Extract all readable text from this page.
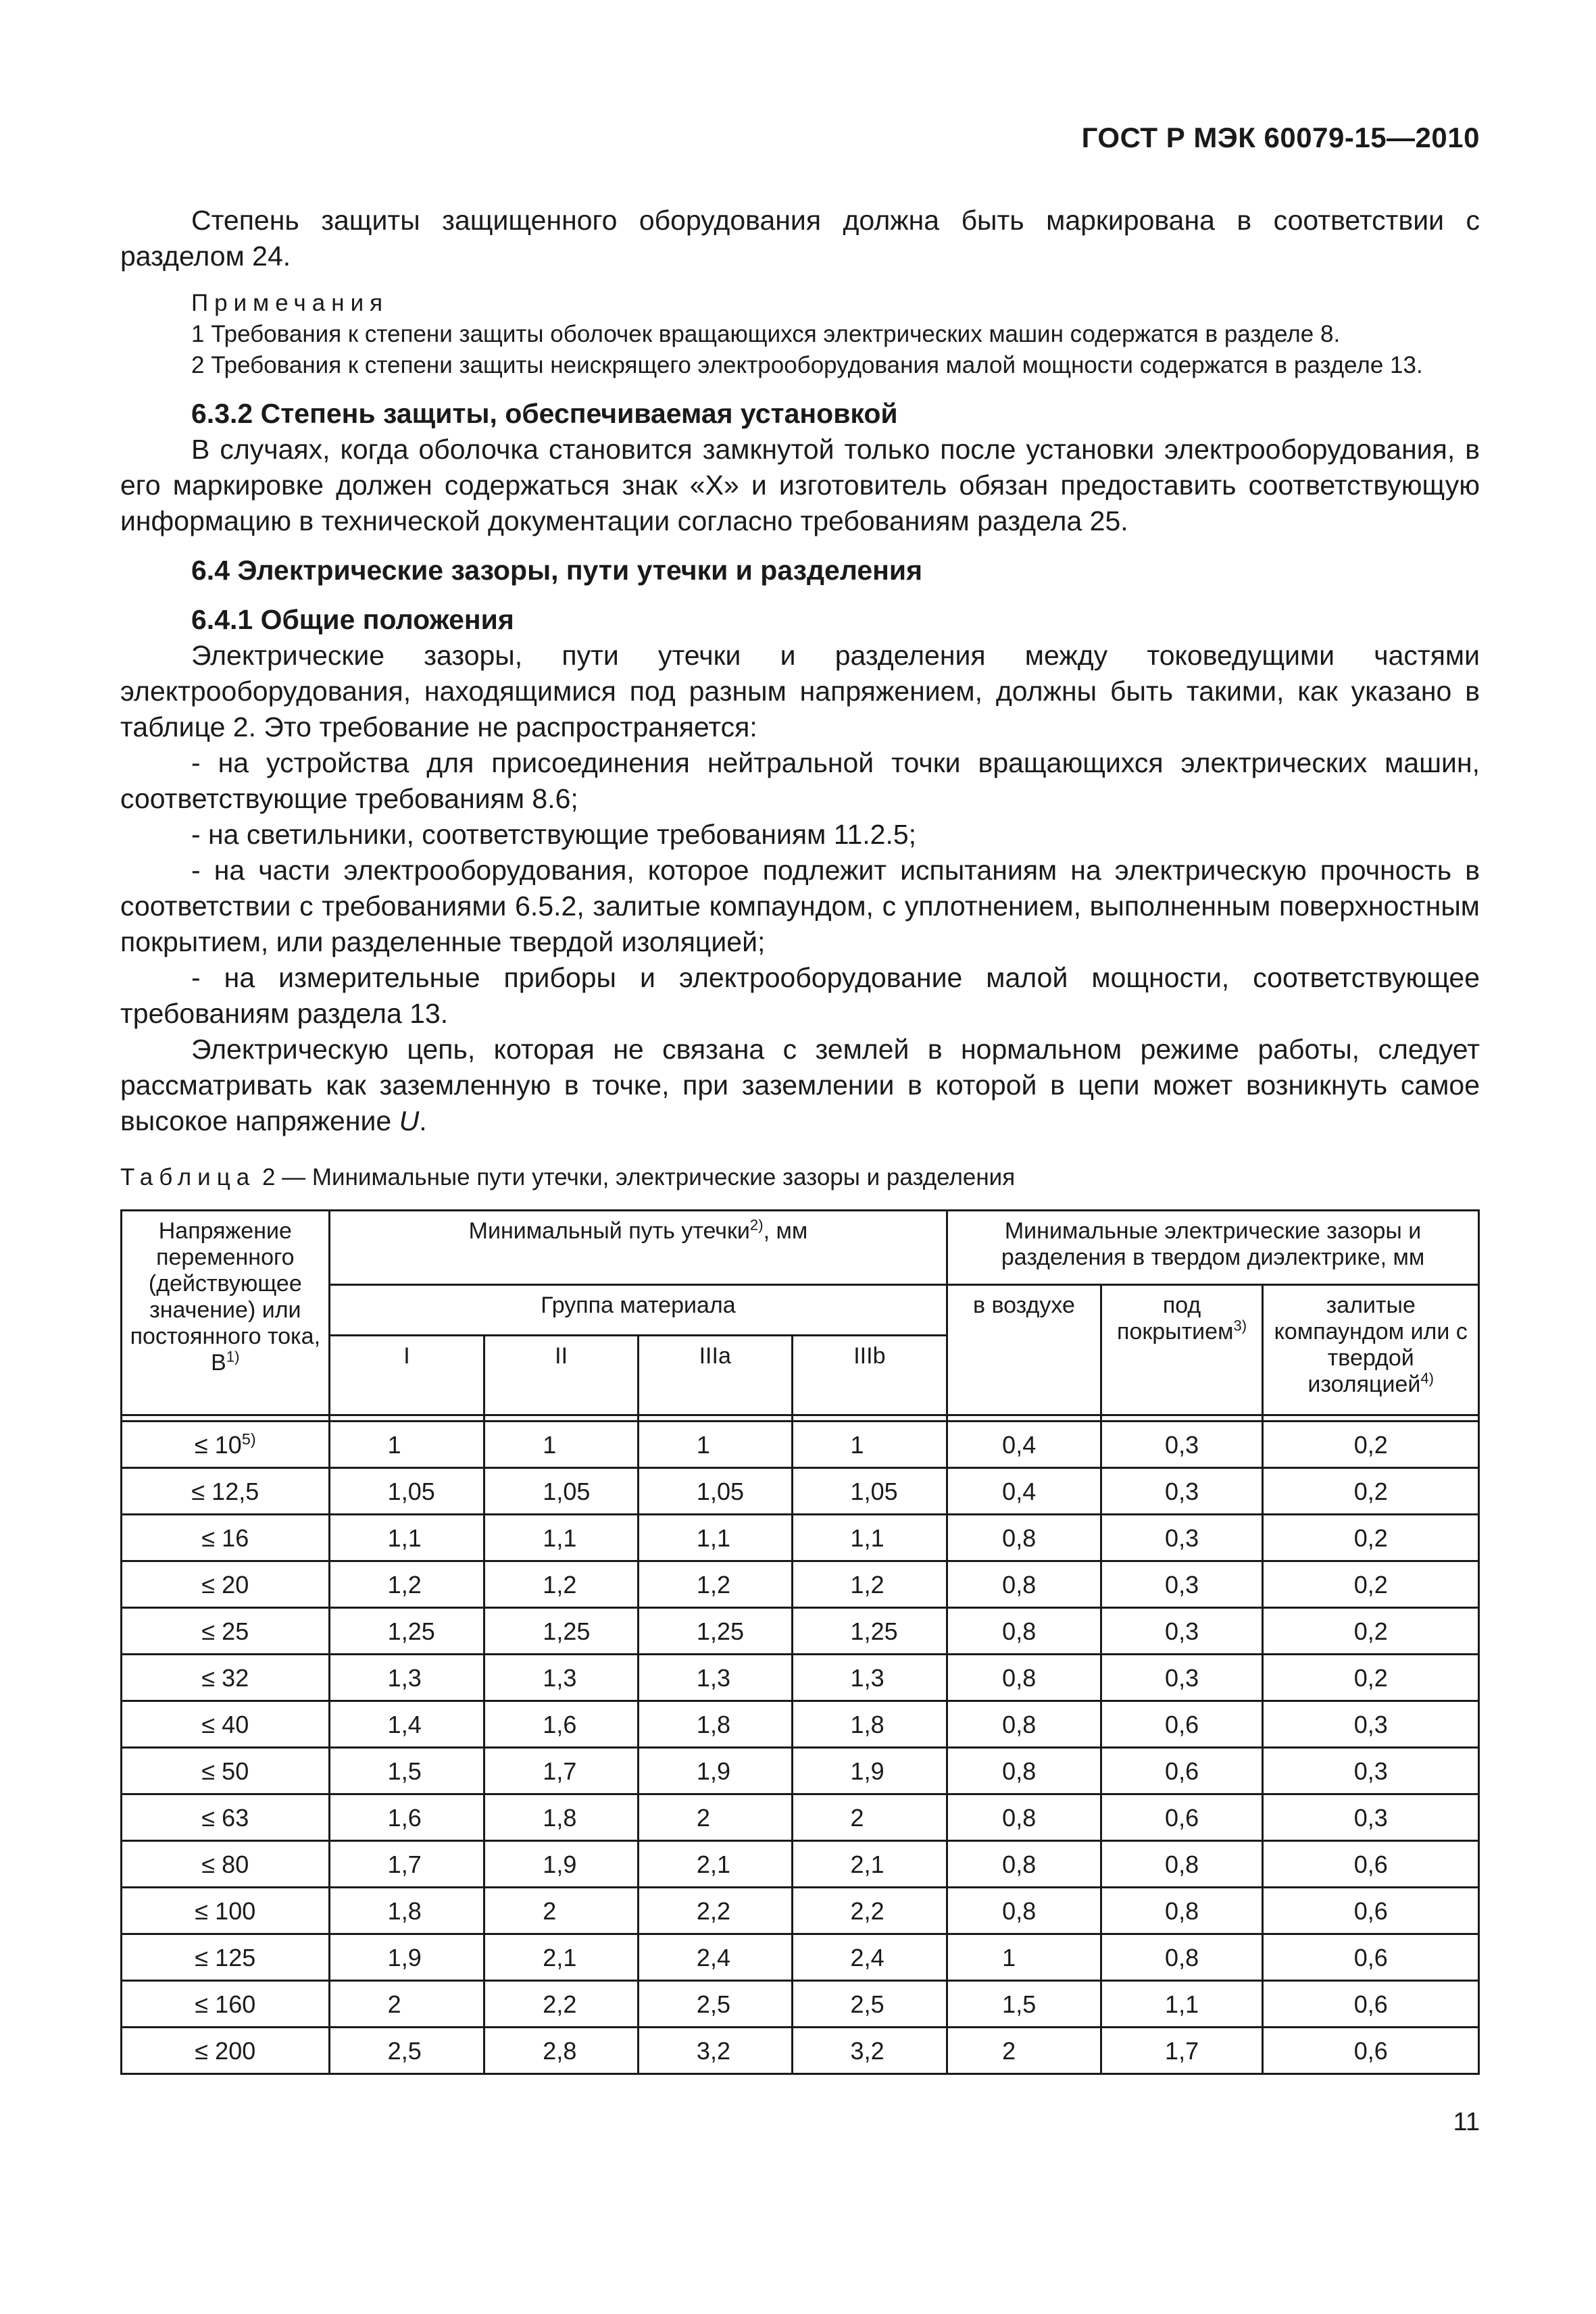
ГОСТ Р МЭК 60079-15—2010

Степень защиты защищенного оборудования должна быть маркирована в соответствии с разделом 24.

Примечания

1 Требования к степени защиты оболочек вращающихся электрических машин содержатся в разделе 8.

2 Требования к степени защиты неискрящего электрооборудования малой мощности содержатся в разделе 13.

6.3.2 Степень защиты, обеспечиваемая установкой

В случаях, когда оболочка становится замкнутой только после установки электрооборудования, в его маркировке должен содержаться знак «X» и изготовитель обязан предоставить соответствующую информацию в технической документации согласно требованиям раздела 25.

6.4 Электрические зазоры, пути утечки и разделения

6.4.1 Общие положения

Электрические зазоры, пути утечки и разделения между токоведущими частями электрооборудования, находящимися под разным напряжением, должны быть такими, как указано в таблице 2. Это требование не распространяется:

- на устройства для присоединения нейтральной точки вращающихся электрических машин, соответствующие требованиям 8.6;

- на светильники, соответствующие требованиям 11.2.5;

- на части электрооборудования, которое подлежит испытаниям на электрическую прочность в соответствии с требованиями 6.5.2, залитые компаундом, с уплотнением, выполненным поверхностным покрытием, или разделенные твердой изоляцией;

- на измерительные приборы и электрооборудование малой мощности, соответствующее требованиям раздела 13.

Электрическую цепь, которая не связана с землей в нормальном режиме работы, следует рассматривать как заземленную в точке, при заземлении в которой в цепи может возникнуть самое высокое напряжение U.

Таблица 2 — Минимальные пути утечки, электрические зазоры и разделения
Напряжение переменного (действующее значение) или постоянного тока, $В^{1)}$	Минимальный путь утечки$^{2)}$, мм				Минимальные электрические зазоры и разделения в твердом диэлектрике, мм		
	Группа материала				в воздухе	под покрытием$^{3)}$	залитые компаундом или с твердой изоляцией$^{4)}$
	I	II	IIIa	IIIb			

≤ $10^{5)}$	1	1	1	1	0,4	0,3	0,2
≤ 12,5	1,05	1,05	1,05	1,05	0,4	0,3	0,2
≤ 16	1,1	1,1	1,1	1,1	0,8	0,3	0,2
≤ 20	1,2	1,2	1,2	1,2	0,8	0,3	0,2
≤ 25	1,25	1,25	1,25	1,25	0,8	0,3	0,2
≤ 32	1,3	1,3	1,3	1,3	0,8	0,3	0,2
≤ 40	1,4	1,6	1,8	1,8	0,8	0,6	0,3
≤ 50	1,5	1,7	1,9	1,9	0,8	0,6	0,3
≤ 63	1,6	1,8	2	2	0,8	0,6	0,3
≤ 80	1,7	1,9	2,1	2,1	0,8	0,8	0,6
≤ 100	1,8	2	2,2	2,2	0,8	0,8	0,6
≤ 125	1,9	2,1	2,4	2,4	1	0,8	0,6
≤ 160	2	2,2	2,5	2,5	1,5	1,1	0,6
≤ 200	2,5	2,8	3,2	3,2	2	1,7	0,6
11
